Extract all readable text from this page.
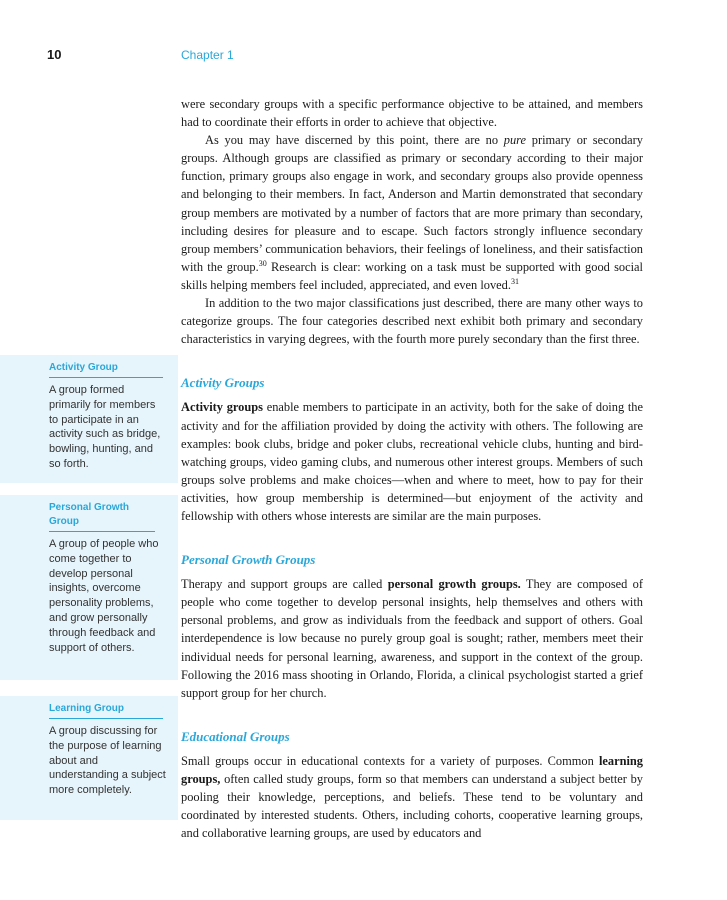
10	Chapter 1
Activity Group
A group formed primarily for members to participate in an activity such as bridge, bowling, hunting, and so forth.
Personal Growth Group
A group of people who come together to develop personal insights, overcome personality problems, and grow personally through feedback and support of others.
Learning Group
A group discussing for the purpose of learning about and understanding a subject more completely.

were secondary groups with a specific performance objective to be attained, and members had to coordinate their efforts in order to achieve that objective.

As you may have discerned by this point, there are no pure primary or secondary groups. Although groups are classified as primary or secondary according to their major function, primary groups also engage in work, and secondary groups also provide openness and belonging to their members. In fact, Anderson and Martin demonstrated that secondary group members are motivated by a number of factors that are more primary than secondary, including desires for pleasure and to escape. Such factors strongly influence secondary group members’ communication behaviors, their feelings of loneliness, and their satisfaction with the group.$^{30}$ Research is clear: working on a task must be supported with good social skills helping members feel included, appreciated, and even loved.$^{31}$

In addition to the two major classifications just described, there are many other ways to categorize groups. The four categories described next exhibit both primary and secondary characteristics in varying degrees, with the fourth more purely secondary than the first three.

Activity Groups

Activity groups enable members to participate in an activity, both for the sake of doing the activity and for the affiliation provided by doing the activity with others. The following are examples: book clubs, bridge and poker clubs, recreational vehicle clubs, hunting and bird-watching groups, video gaming clubs, and numerous other interest groups. Members of such groups solve problems and make choices—when and where to meet, how to pay for their activities, how group membership is determined—but enjoyment of the activity and fellowship with others whose interests are similar are the main purposes.

Personal Growth Groups

Therapy and support groups are called personal growth groups. They are composed of people who come together to develop personal insights, help themselves and others with personal problems, and grow as individuals from the feedback and support of others. Goal interdependence is low because no purely group goal is sought; rather, members meet their individual needs for personal learning, awareness, and support in the context of the group. Following the 2016 mass shooting in Orlando, Florida, a clinical psychologist started a grief support group for her church.

Educational Groups

Small groups occur in educational contexts for a variety of purposes. Common learning groups, often called study groups, form so that members can understand a subject better by pooling their knowledge, perceptions, and beliefs. These tend to be voluntary and coordinated by interested students. Others, including cohorts, cooperative learning groups, and collaborative learning groups, are used by educators and
